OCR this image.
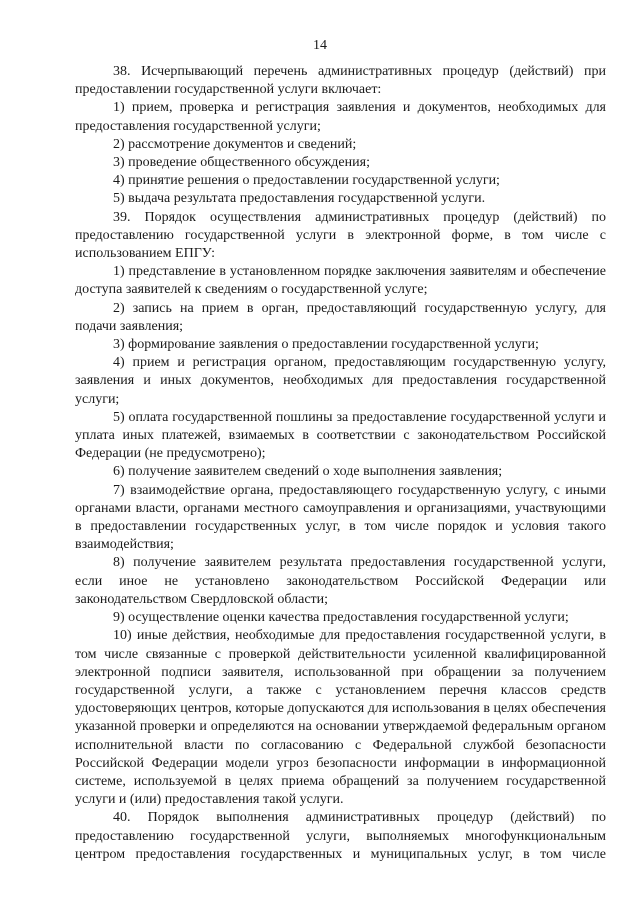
14

38. Исчерпывающий перечень административных процедур (действий) при предоставлении государственной услуги включает:

1) прием, проверка и регистрация заявления и документов, необходимых для предоставления государственной услуги;

2) рассмотрение документов и сведений;

3) проведение общественного обсуждения;

4) принятие решения о предоставлении государственной услуги;

5) выдача результата предоставления государственной услуги.

39. Порядок осуществления административных процедур (действий) по предоставлению государственной услуги в электронной форме, в том числе с использованием ЕПГУ:

1) представление в установленном порядке заключения заявителям и обеспечение доступа заявителей к сведениям о государственной услуге;

2) запись на прием в орган, предоставляющий государственную услугу, для подачи заявления;

3) формирование заявления о предоставлении государственной услуги;

4) прием и регистрация органом, предоставляющим государственную услугу, заявления и иных документов, необходимых для предоставления государственной услуги;

5) оплата государственной пошлины за предоставление государственной услуги и уплата иных платежей, взимаемых в соответствии с законодательством Российской Федерации (не предусмотрено);

6) получение заявителем сведений о ходе выполнения заявления;

7) взаимодействие органа, предоставляющего государственную услугу, с иными органами власти, органами местного самоуправления и организациями, участвующими в предоставлении государственных услуг, в том числе порядок и условия такого взаимодействия;

8) получение заявителем результата предоставления государственной услуги, если иное не установлено законодательством Российской Федерации или законодательством Свердловской области;

9) осуществление оценки качества предоставления государственной услуги;

10) иные действия, необходимые для предоставления государственной услуги, в том числе связанные с проверкой действительности усиленной квалифицированной электронной подписи заявителя, использованной при обращении за получением государственной услуги, а также с установлением перечня классов средств удостоверяющих центров, которые допускаются для использования в целях обеспечения указанной проверки и определяются на основании утверждаемой федеральным органом исполнительной власти по согласованию с Федеральной службой безопасности Российской Федерации модели угроз безопасности информации в информационной системе, используемой в целях приема обращений за получением государственной услуги и (или) предоставления такой услуги.

40. Порядок выполнения административных процедур (действий) по предоставлению государственной услуги, выполняемых многофункциональным центром предоставления государственных и муниципальных услуг, в том числе
